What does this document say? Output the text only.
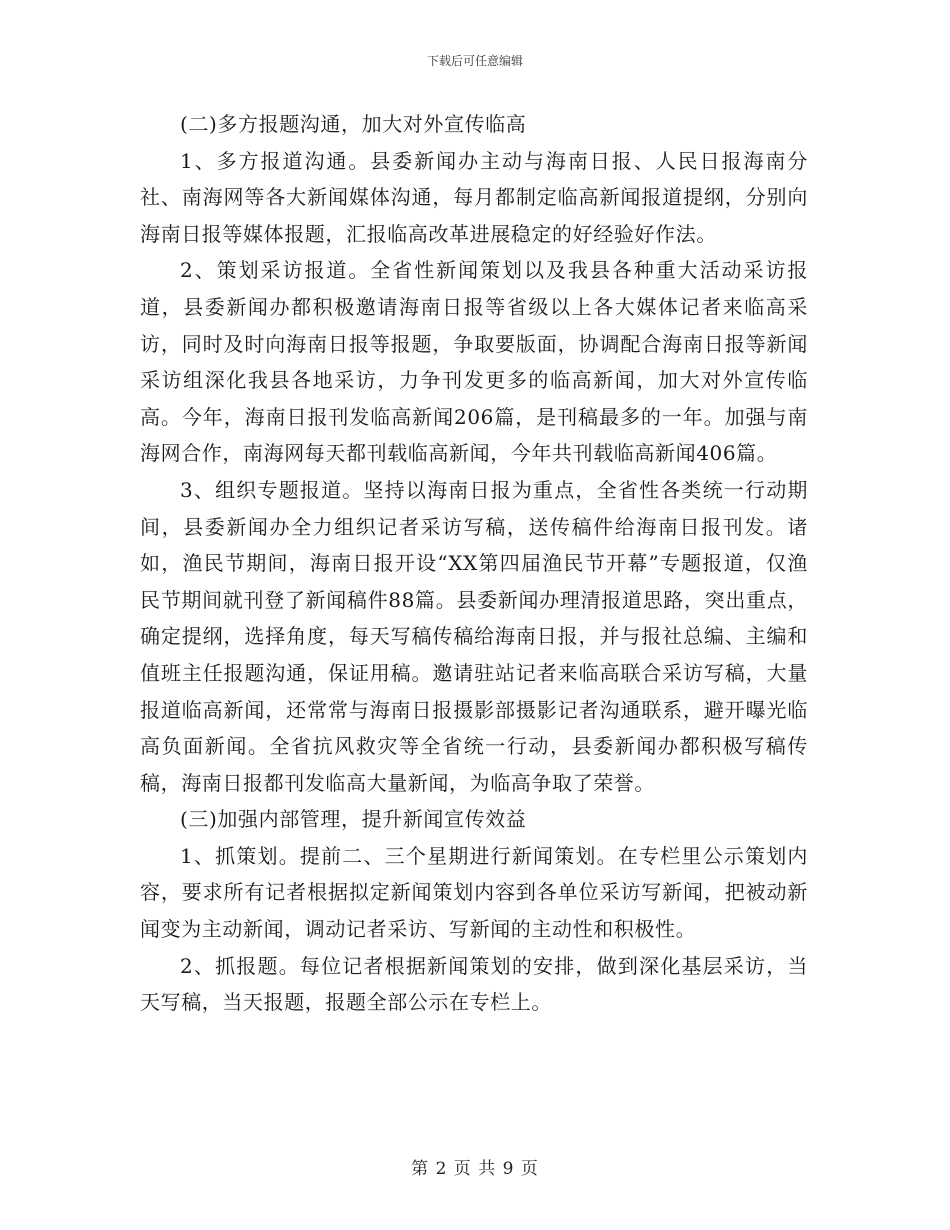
下载后可任意编辑

(二)多方报题沟通，加大对外宣传临高

1、多方报道沟通。县委新闻办主动与海南日报、人民日报海南分社、南海网等各大新闻媒体沟通，每月都制定临高新闻报道提纲，分别向海南日报等媒体报题，汇报临高改革进展稳定的好经验好作法。

2、策划采访报道。全省性新闻策划以及我县各种重大活动采访报道，县委新闻办都积极邀请海南日报等省级以上各大媒体记者来临高采访，同时及时向海南日报等报题，争取要版面，协调配合海南日报等新闻采访组深化我县各地采访，力争刊发更多的临高新闻，加大对外宣传临高。今年，海南日报刊发临高新闻206篇，是刊稿最多的一年。加强与南海网合作，南海网每天都刊载临高新闻，今年共刊载临高新闻406篇。

3、组织专题报道。坚持以海南日报为重点，全省性各类统一行动期间，县委新闻办全力组织记者采访写稿，送传稿件给海南日报刊发。诸如，渔民节期间，海南日报开设“XX第四届渔民节开幕”专题报道，仅渔民节期间就刊登了新闻稿件88篇。县委新闻办理清报道思路，突出重点，确定提纲，选择角度，每天写稿传稿给海南日报，并与报社总编、主编和值班主任报题沟通，保证用稿。邀请驻站记者来临高联合采访写稿，大量报道临高新闻，还常常与海南日报摄影部摄影记者沟通联系，避开曝光临高负面新闻。全省抗风救灾等全省统一行动，县委新闻办都积极写稿传稿，海南日报都刊发临高大量新闻，为临高争取了荣誉。

(三)加强内部管理，提升新闻宣传效益

1、抓策划。提前二、三个星期进行新闻策划。在专栏里公示策划内容，要求所有记者根据拟定新闻策划内容到各单位采访写新闻，把被动新闻变为主动新闻，调动记者采访、写新闻的主动性和积极性。

2、抓报题。每位记者根据新闻策划的安排，做到深化基层采访，当天写稿，当天报题，报题全部公示在专栏上。

第 2 页 共 9 页
